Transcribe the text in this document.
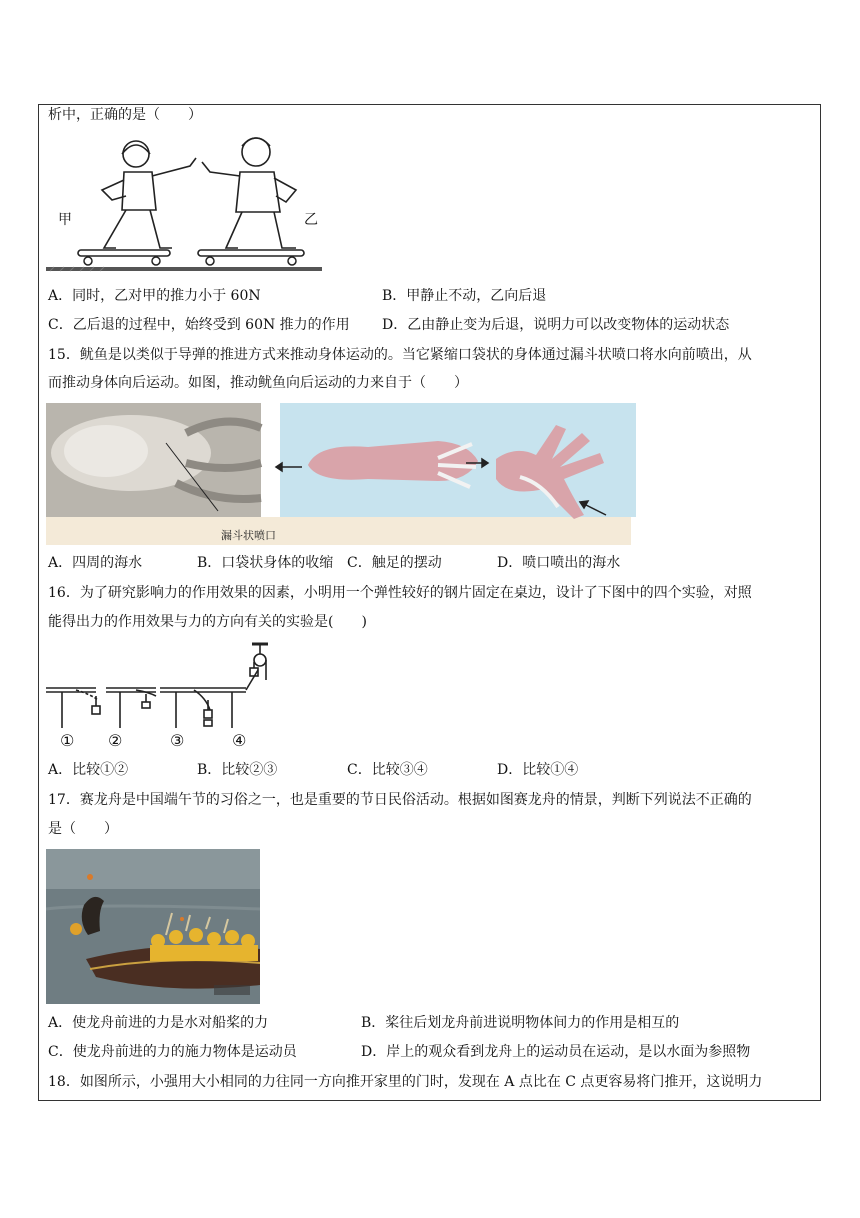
析中，正确的是（　　）
甲	乙
A．同时，乙对甲的推力小于 60N	B．甲静止不动，乙向后退
C．乙后退的过程中，始终受到 60N 推力的作用 D．乙由静止变为后退，说明力可以改变物体的运动状态
15．鱿鱼是以类似于导弹的推进方式来推动身体运动的。当它紧缩口袋状的身体通过漏斗状喷口将水向前喷出，从
而推动身体向后运动。如图，推动鱿鱼向后运动的力来自于（　　）
漏斗状喷口
A．四周的海水	B．口袋状身体的收缩 C．触足的摆动	D．喷口喷出的海水
16．为了研究影响力的作用效果的因素，小明用一个弹性较好的钢片固定在桌边，设计了下图中的四个实验，对照
能得出力的作用效果与力的方向有关的实验是(　　)
① ②	③	④
A．比较①②	B．比较②③	C．比较③④	D．比较①④
17．赛龙舟是中国端午节的习俗之一，也是重要的节日民俗活动。根据如图赛龙舟的情景，判断下列说法不正确的
是（　　）
A．使龙舟前进的力是水对船桨的力	B．桨往后划龙舟前进说明物体间力的作用是相互的
C．使龙舟前进的力的施力物体是运动员	D．岸上的观众看到龙舟上的运动员在运动，是以水面为参照物
18．如图所示，小强用大小相同的力往同一方向推开家里的门时，发现在 A 点比在 C 点更容易将门推开，这说明力
